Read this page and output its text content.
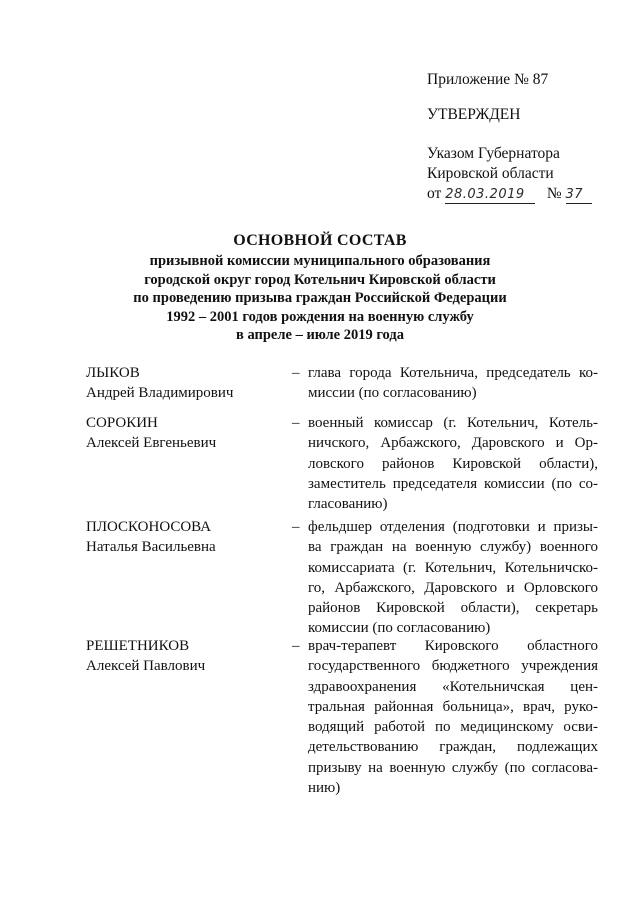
Приложение № 87
УТВЕРЖДЕН
Указом Губернатора
Кировской области
от 28.03.2019 № 37
ОСНОВНОЙ СОСТАВ
призывной комиссии муниципального образования
городской округ город Котельнич Кировской области
по проведению призыва граждан Российской Федерации
1992 – 2001 годов рождения на военную службу
в апреле – июле 2019 года
ЛЫКОВ
Андрей Владимирович
– глава города Котельнича, председатель ко-
миссии (по согласованию)
СОРОКИН
Алексей Евгеньевич
– военный комиссар (г. Котельнич, Котель-
ничского, Арбажского, Даровского и Ор-
ловского районов Кировской области),
заместитель председателя комиссии (по со-
гласованию)
ПЛОСКОНОСОВА
Наталья Васильевна
– фельдшер отделения (подготовки и призы-
ва граждан на военную службу) военного
комиссариата (г. Котельнич, Котельничско-
го, Арбажского, Даровского и Орловского
районов Кировской области), секретарь
комиссии (по согласованию)
РЕШЕТНИКОВ
Алексей Павлович
– врач-терапевт Кировского областного
государственного бюджетного учреждения
здравоохранения «Котельничская цен-
тральная районная больница», врач, руко-
водящий работой по медицинскому осви-
детельствованию граждан, подлежащих
призыву на военную службу (по согласова-
нию)
